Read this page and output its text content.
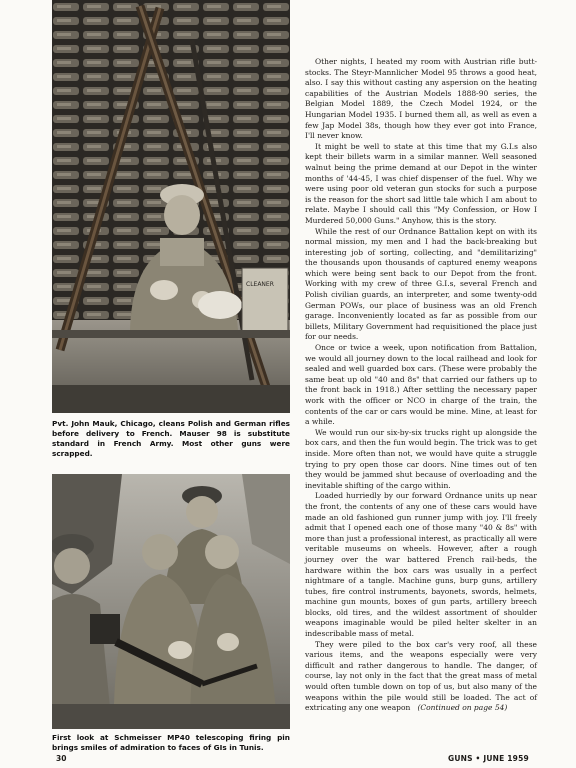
CLEANER
Pvt. John Mauk, Chicago, cleans Polish and German rifles before delivery to French. Mauser 98 is substitute standard in French Army. Most other guns were scrapped.
First look at Schmeisser MP40 telescoping firing pin brings smiles of admiration to faces of GIs in Tunis.

Other nights, I heated my room with Austrian rifle butt-stocks. The Steyr-Mannlicher Model 95 throws a good heat, also. I say this without casting any aspersion on the heating capabilities of the Austrian Models 1888-90 series, the Belgian Model 1889, the Czech Model 1924, or the Hungarian Model 1935. I burned them all, as well as even a few Jap Model 38s, though how they ever got into France, I'll never know.

It might be well to state at this time that my G.I.s also kept their billets warm in a similar manner. Well seasoned walnut being the prime demand at our Depot in the winter months of '44-45, I was chief dispenser of the fuel. Why we were using poor old veteran gun stocks for such a purpose is the reason for the short sad little tale which I am about to relate. Maybe I should call this "My Confession, or How I Murdered 50,000 Guns." Anyhow, this is the story.

While the rest of our Ordnance Battalion kept on with its normal mission, my men and I had the back-breaking but interesting job of sorting, collecting, and "demilitarizing" the thousands upon thousands of captured enemy weapons which were being sent back to our Depot from the front. Working with my crew of three G.I.s, several French and Polish civilian guards, an interpreter, and some twenty-odd German POWs, our place of business was an old French garage. Inconveniently located as far as possible from our billets, Military Government had requisitioned the place just for our needs.

Once or twice a week, upon notification from Battalion, we would all journey down to the local railhead and look for sealed and well guarded box cars. (These were probably the same beat up old "40 and 8s" that carried our fathers up to the front back in 1918.) After settling the necessary paper work with the officer or NCO in charge of the train, the contents of the car or cars would be mine. Mine, at least for a while.

We would run our six-by-six trucks right up alongside the box cars, and then the fun would begin. The trick was to get inside. More often than not, we would have quite a struggle trying to pry open those car doors. Nine times out of ten they would be jammed shut because of overloading and the inevitable shifting of the cargo within.

Loaded hurriedly by our forward Ordnance units up near the front, the contents of any one of these cars would have made an old fashioned gun runner jump with joy. I'll freely admit that I opened each one of those many "40 & 8s" with more than just a professional interest, as practically all were veritable museums on wheels. However, after a rough journey over the war battered French rail-beds, the hardware within the box cars was usually in a perfect nightmare of a tangle. Machine guns, burp guns, artillery tubes, fire control instruments, bayonets, swords, helmets, machine gun mounts, boxes of gun parts, artillery breech blocks, old tires, and the wildest assortment of shoulder weapons imaginable would be piled helter skelter in an indescribable mass of metal.

They were piled to the box car's very roof, all these various items, and the weapons especially were very difficult and rather dangerous to handle. The danger, of course, lay not only in the fact that the great mass of metal would often tumble down on top of us, but also many of the weapons within the pile would still be loaded. The act of extricating any one weapon (Continued on page 54)

30	GUNS • JUNE 1959
